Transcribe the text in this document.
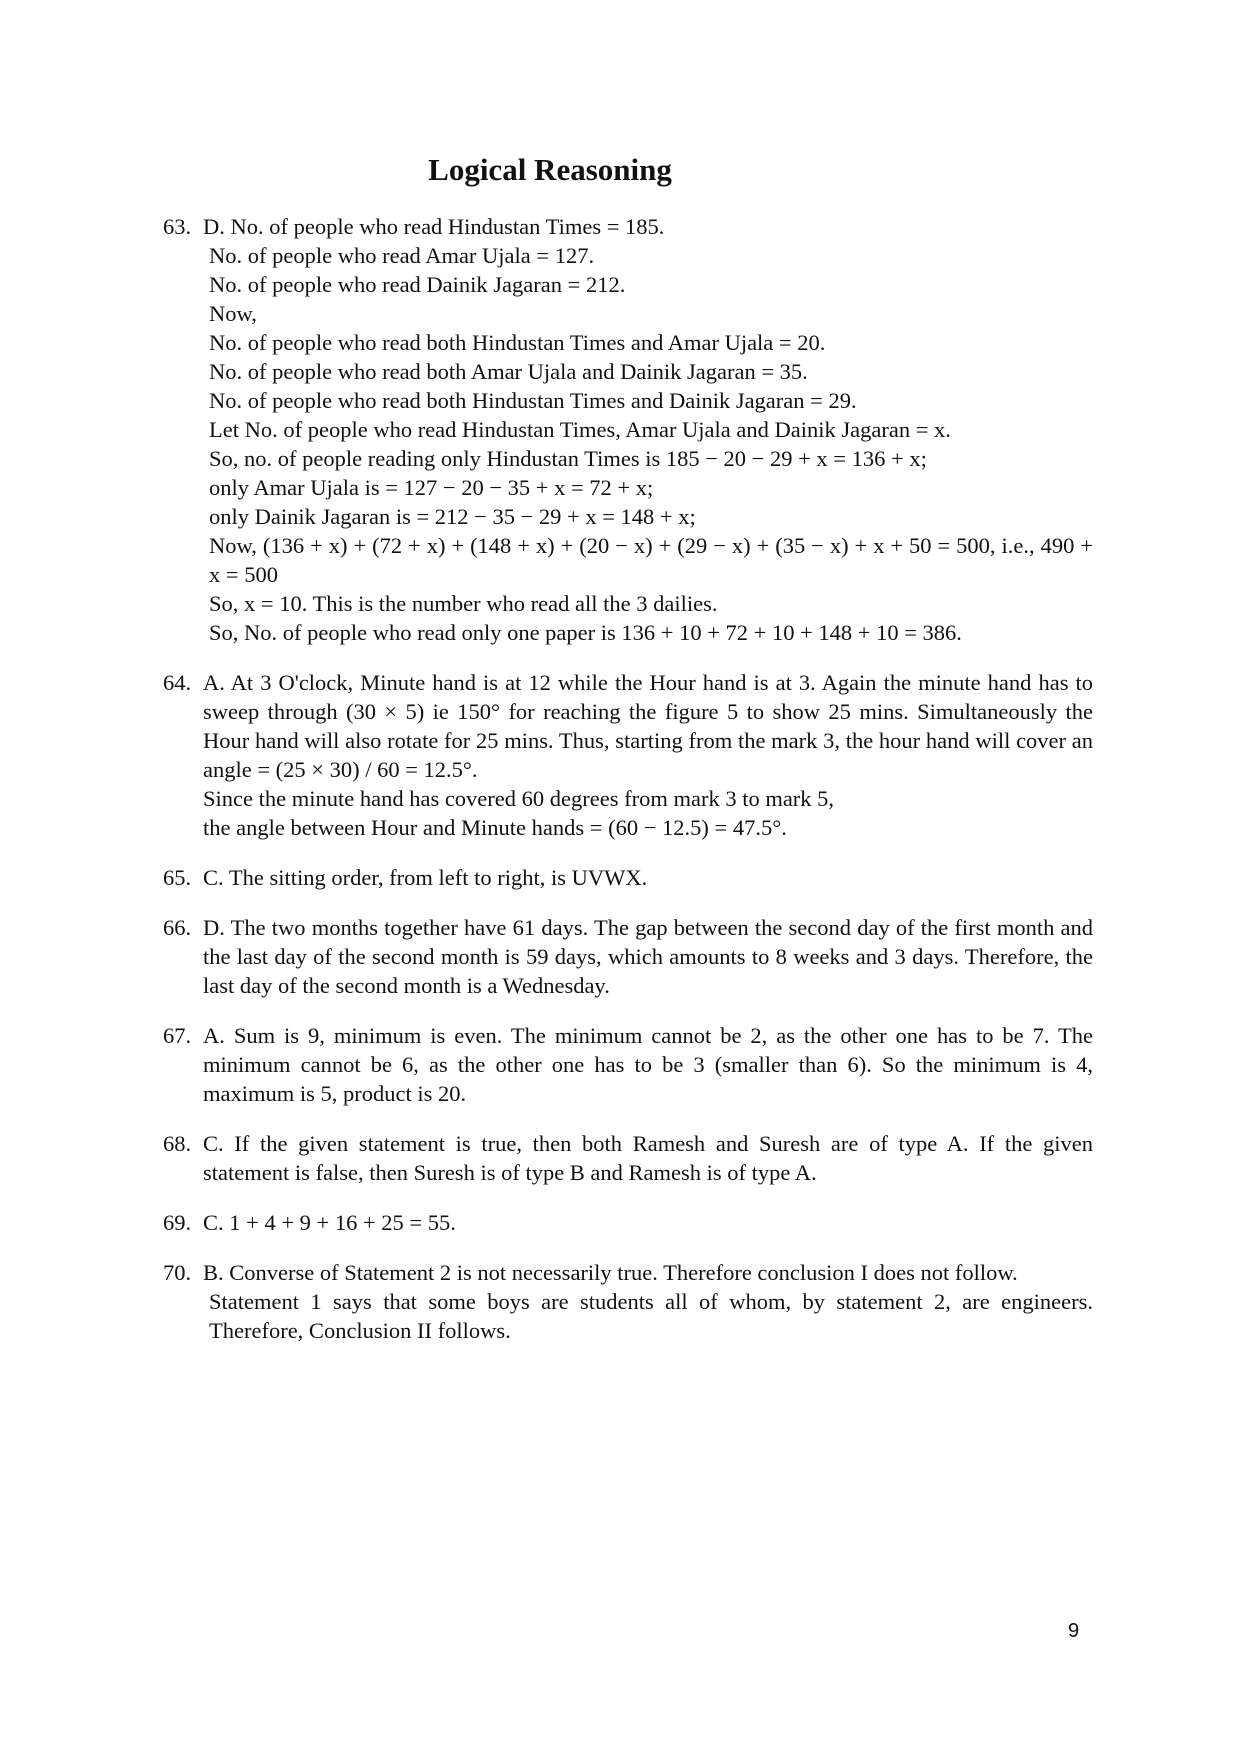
Logical Reasoning
63. D. No. of people who read Hindustan Times = 185.
No. of people who read Amar Ujala = 127.
No. of people who read Dainik Jagaran = 212.
Now,
No. of people who read both Hindustan Times and Amar Ujala = 20.
No. of people who read both Amar Ujala and Dainik Jagaran = 35.
No. of people who read both Hindustan Times and Dainik Jagaran = 29.
Let No. of people who read Hindustan Times, Amar Ujala and Dainik Jagaran = x.
So, no. of people reading only Hindustan Times is 185 − 20 − 29 + x = 136 + x;
only Amar Ujala is = 127 − 20 − 35 + x = 72 + x;
only Dainik Jagaran is = 212 − 35 − 29 + x = 148 + x;
Now, (136 + x) + (72 + x) + (148 + x) + (20 − x) + (29 − x) + (35 − x) + x + 50 = 500, i.e., 490 + x = 500
So, x = 10. This is the number who read all the 3 dailies.
So, No. of people who read only one paper is 136 + 10 + 72 + 10 + 148 + 10 = 386.
64. A. At 3 O'clock, Minute hand is at 12 while the Hour hand is at 3. Again the minute hand has to sweep through (30 × 5) ie 150° for reaching the figure 5 to show 25 mins. Simultaneously the Hour hand will also rotate for 25 mins. Thus, starting from the mark 3, the hour hand will cover an angle = (25 × 30) / 60 = 12.5°.
Since the minute hand has covered 60 degrees from mark 3 to mark 5,
the angle between Hour and Minute hands = (60 − 12.5) = 47.5°.
65. C. The sitting order, from left to right, is UVWX.
66. D. The two months together have 61 days. The gap between the second day of the first month and the last day of the second month is 59 days, which amounts to 8 weeks and 3 days. Therefore, the last day of the second month is a Wednesday.
67. A. Sum is 9, minimum is even. The minimum cannot be 2, as the other one has to be 7. The minimum cannot be 6, as the other one has to be 3 (smaller than 6). So the minimum is 4, maximum is 5, product is 20.
68. C. If the given statement is true, then both Ramesh and Suresh are of type A. If the given statement is false, then Suresh is of type B and Ramesh is of type A.
69. C. 1 + 4 + 9 + 16 + 25 = 55.
70. B. Converse of Statement 2 is not necessarily true. Therefore conclusion I does not follow.
Statement 1 says that some boys are students all of whom, by statement 2, are engineers. Therefore, Conclusion II follows.
9
